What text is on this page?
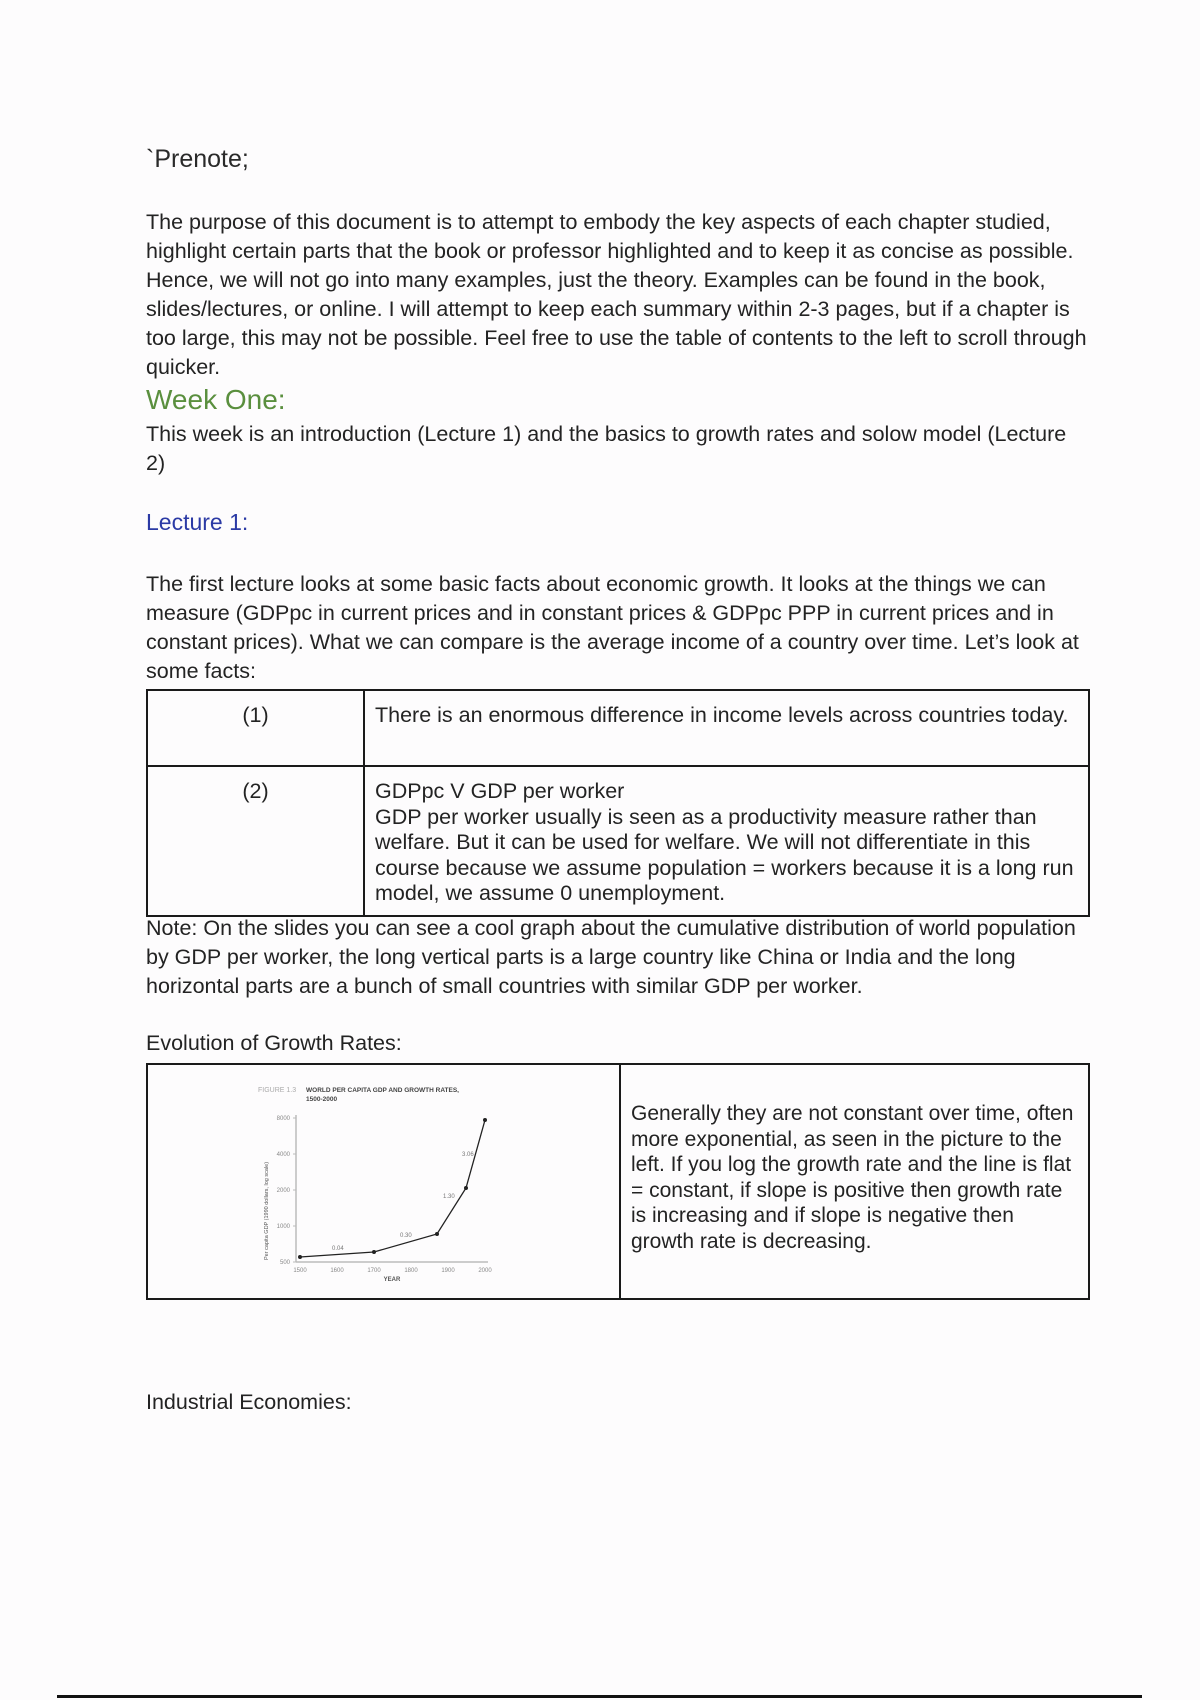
`Prenote;
The purpose of this document is to attempt to embody the key aspects of each chapter studied, highlight certain parts that the book or professor highlighted and to keep it as concise as possible. Hence, we will not go into many examples, just the theory. Examples can be found in the book, slides/lectures, or online. I will attempt to keep each summary within 2-3 pages, but if a chapter is too large, this may not be possible. Feel free to use the table of contents to the left to scroll through quicker.
Week One:
This week is an introduction (Lecture 1) and the basics to growth rates and solow model (Lecture 2)
Lecture 1:
The first lecture looks at some basic facts about economic growth. It looks at the things we can measure (GDPpc in current prices and in constant prices & GDPpc PPP in current prices and in constant prices). What we can compare is the average income of a country over time. Let’s look at some facts:
(1)	There is an enormous difference in income levels across countries today.

(2)	GDPpc V GDP per worker
GDP per worker usually is seen as a productivity measure rather than welfare. But it can be used for welfare. We will not differentiate in this course because we assume population = workers because it is a long run model, we assume 0 unemployment.
Note: On the slides you can see a cool graph about the cumulative distribution of world population by GDP per worker, the long vertical parts is a large country like China or India and the long horizontal parts are a bunch of small countries with similar GDP per worker.
Evolution of Growth Rates:
FIGURE 1.3 WORLD PER CAPITA GDP AND GROWTH RATES,
1500-2000
8000
4000
2000
1000
500
1500	1600	1700	1800	1900	2000
YEAR
Per capita GDP (1990 dollars, log scale)	0.04
0.30
1.30
3.06
Generally they are not constant over time, often more exponential, as seen in the picture to the left. If you log the growth rate and the line is flat = constant, if slope is positive then growth rate is increasing and if slope is negative then growth rate is decreasing.
Industrial Economies:
